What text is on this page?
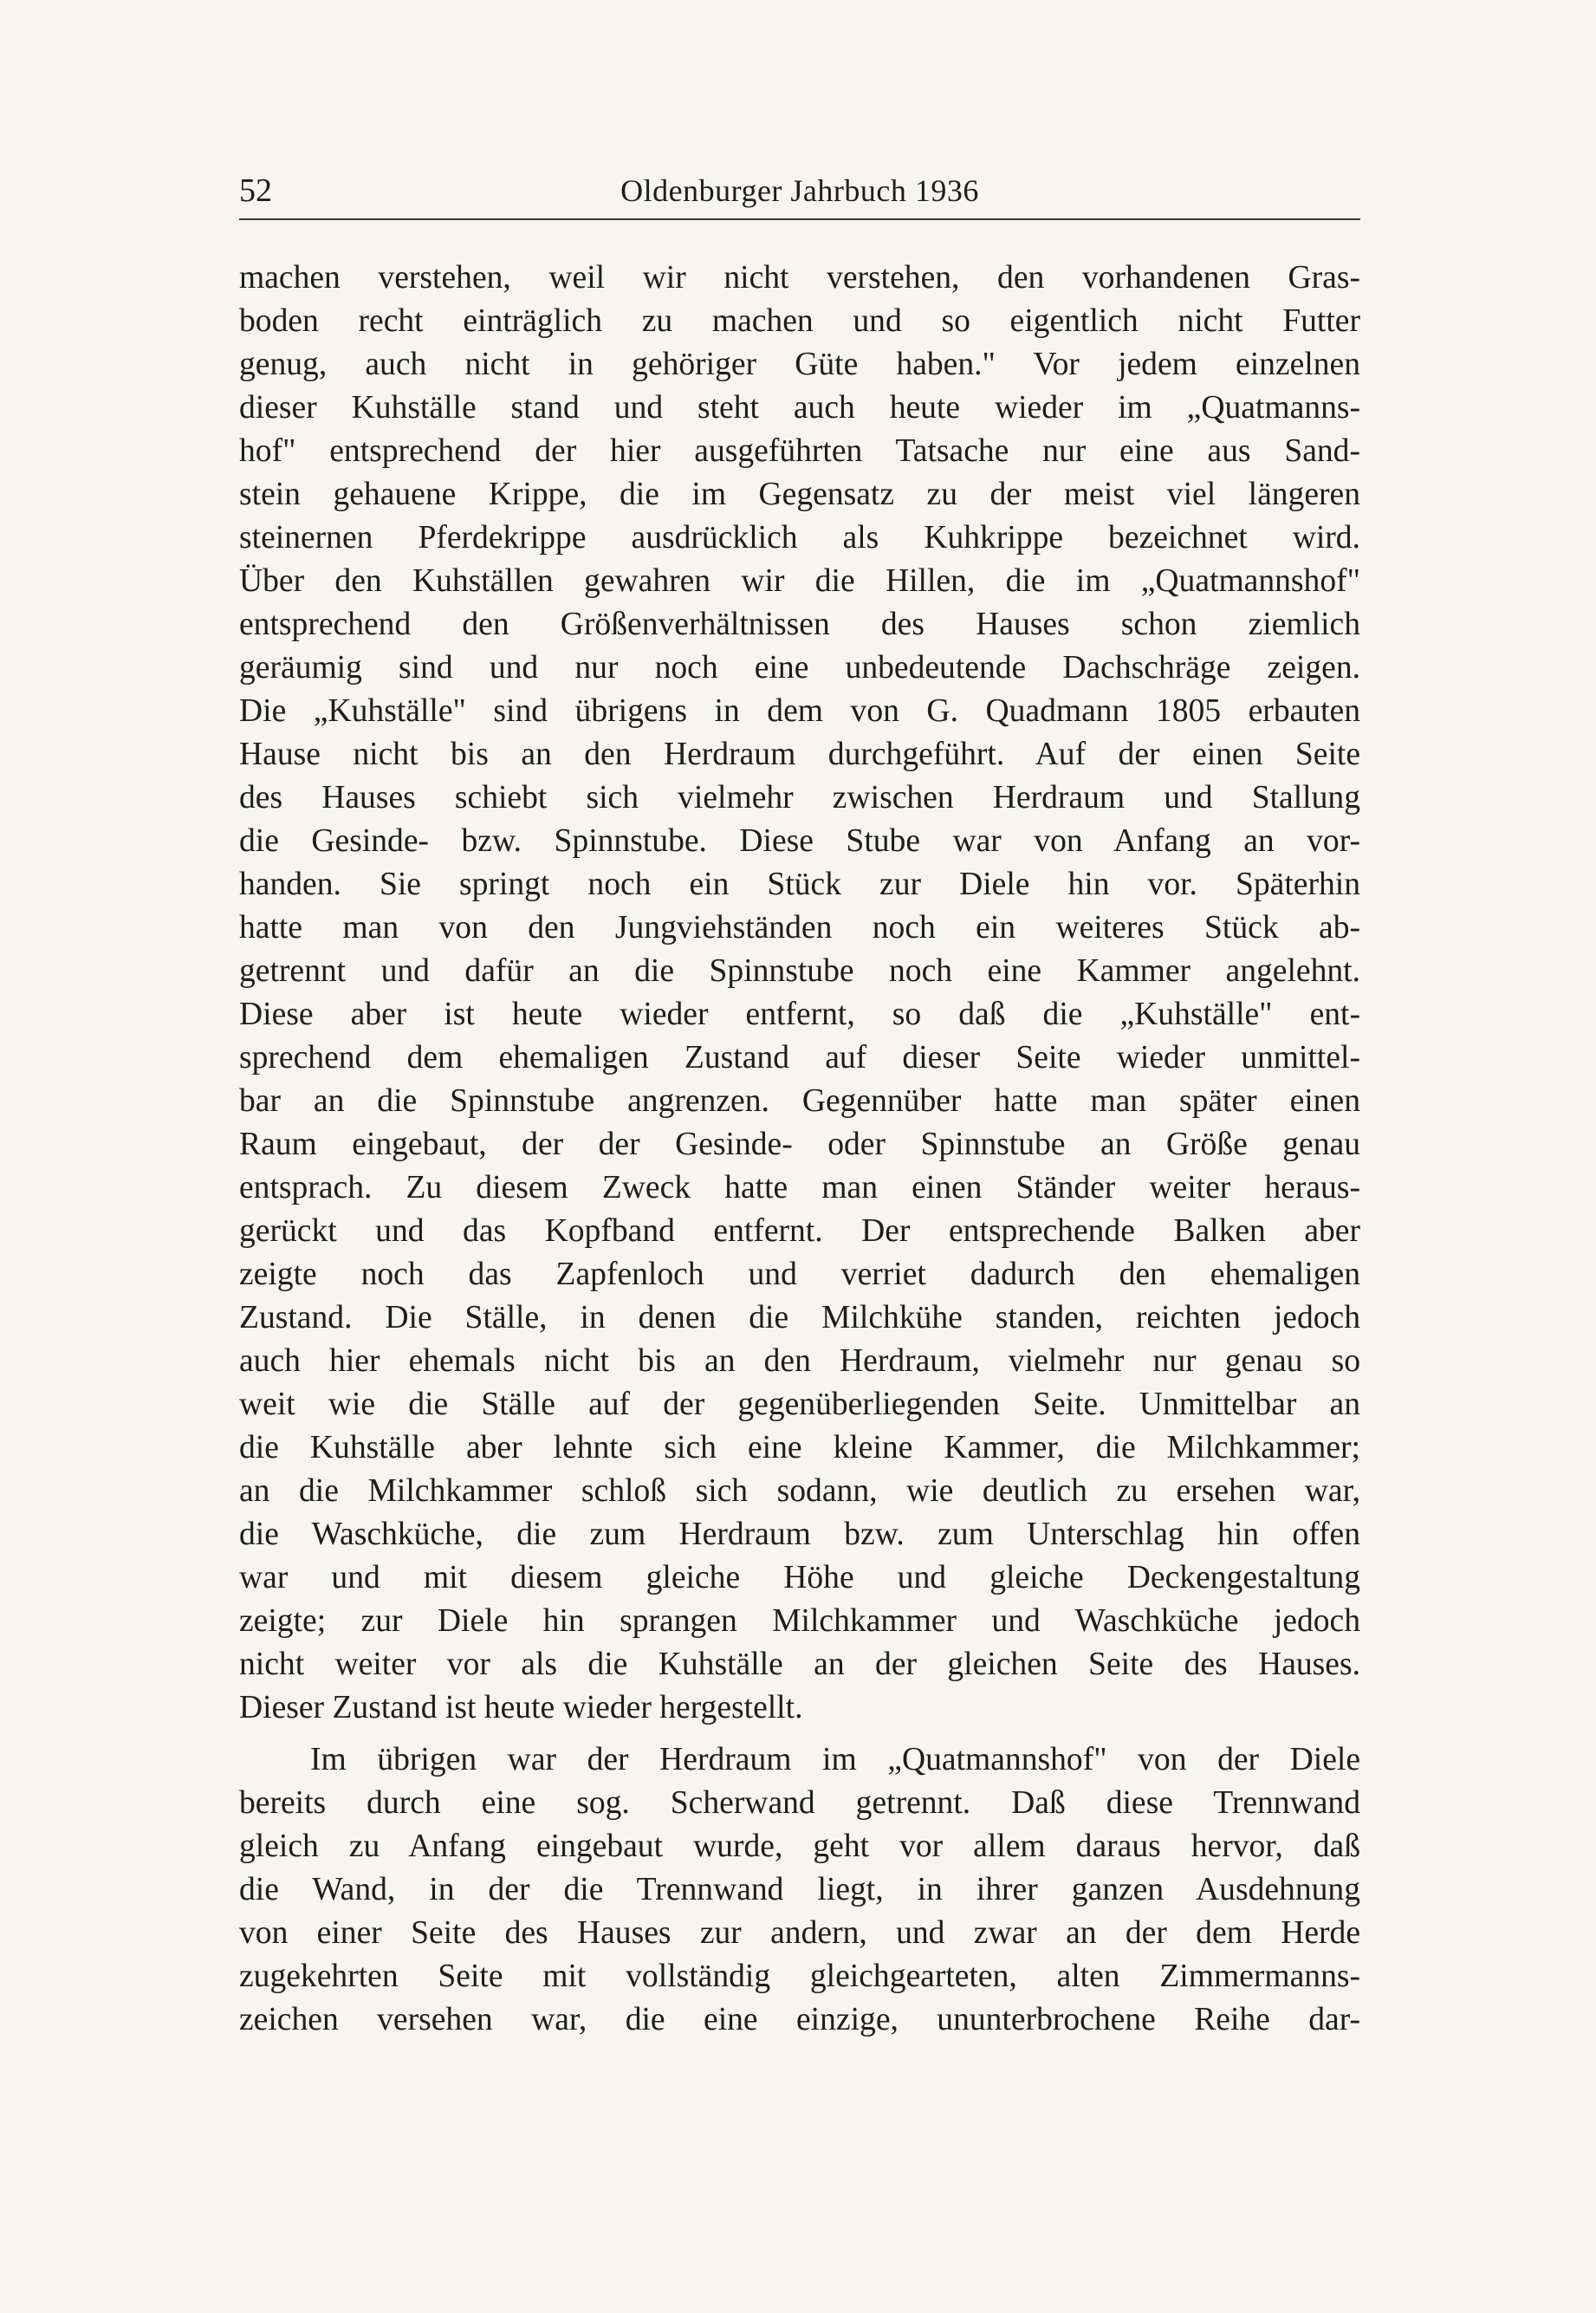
52	Oldenburger Jahrbuch 1936
machen verstehen, weil wir nicht verstehen, den vorhandenen Gras-
boden recht einträglich zu machen und so eigentlich nicht Futter
genug, auch nicht in gehöriger Güte haben." Vor jedem einzelnen
dieser Kuhställe stand und steht auch heute wieder im „Quatmanns-
hof" entsprechend der hier ausgeführten Tatsache nur eine aus Sand-
stein gehauene Krippe, die im Gegensatz zu der meist viel längeren
steinernen Pferdekrippe ausdrücklich als Kuhkrippe bezeichnet wird.
Über den Kuhställen gewahren wir die Hillen, die im „Quatmannshof"
entsprechend den Größenverhältnissen des Hauses schon ziemlich
geräumig sind und nur noch eine unbedeutende Dachschräge zeigen.
Die „Kuhställe" sind übrigens in dem von G. Quadmann 1805 erbauten
Hause nicht bis an den Herdraum durchgeführt. Auf der einen Seite
des Hauses schiebt sich vielmehr zwischen Herdraum und Stallung
die Gesinde- bzw. Spinnstube. Diese Stube war von Anfang an vor-
handen. Sie springt noch ein Stück zur Diele hin vor. Späterhin
hatte man von den Jungviehständen noch ein weiteres Stück ab-
getrennt und dafür an die Spinnstube noch eine Kammer angelehnt.
Diese aber ist heute wieder entfernt, so daß die „Kuhställe" ent-
sprechend dem ehemaligen Zustand auf dieser Seite wieder unmittel-
bar an die Spinnstube angrenzen. Gegennüber hatte man später einen
Raum eingebaut, der der Gesinde- oder Spinnstube an Größe genau
entsprach. Zu diesem Zweck hatte man einen Ständer weiter heraus-
gerückt und das Kopfband entfernt. Der entsprechende Balken aber
zeigte noch das Zapfenloch und verriet dadurch den ehemaligen
Zustand. Die Ställe, in denen die Milchkühe standen, reichten jedoch
auch hier ehemals nicht bis an den Herdraum, vielmehr nur genau so
weit wie die Ställe auf der gegenüberliegenden Seite. Unmittelbar an
die Kuhställe aber lehnte sich eine kleine Kammer, die Milchkammer;
an die Milchkammer schloß sich sodann, wie deutlich zu ersehen war,
die Waschküche, die zum Herdraum bzw. zum Unterschlag hin offen
war und mit diesem gleiche Höhe und gleiche Deckengestaltung
zeigte; zur Diele hin sprangen Milchkammer und Waschküche jedoch
nicht weiter vor als die Kuhställe an der gleichen Seite des Hauses.
Dieser Zustand ist heute wieder hergestellt.
Im übrigen war der Herdraum im „Quatmannshof" von der Diele
bereits durch eine sog. Scherwand getrennt. Daß diese Trennwand
gleich zu Anfang eingebaut wurde, geht vor allem daraus hervor, daß
die Wand, in der die Trennwand liegt, in ihrer ganzen Ausdehnung
von einer Seite des Hauses zur andern, und zwar an der dem Herde
zugekehrten Seite mit vollständig gleichgearteten, alten Zimmermanns-
zeichen versehen war, die eine einzige, ununterbrochene Reihe dar-
